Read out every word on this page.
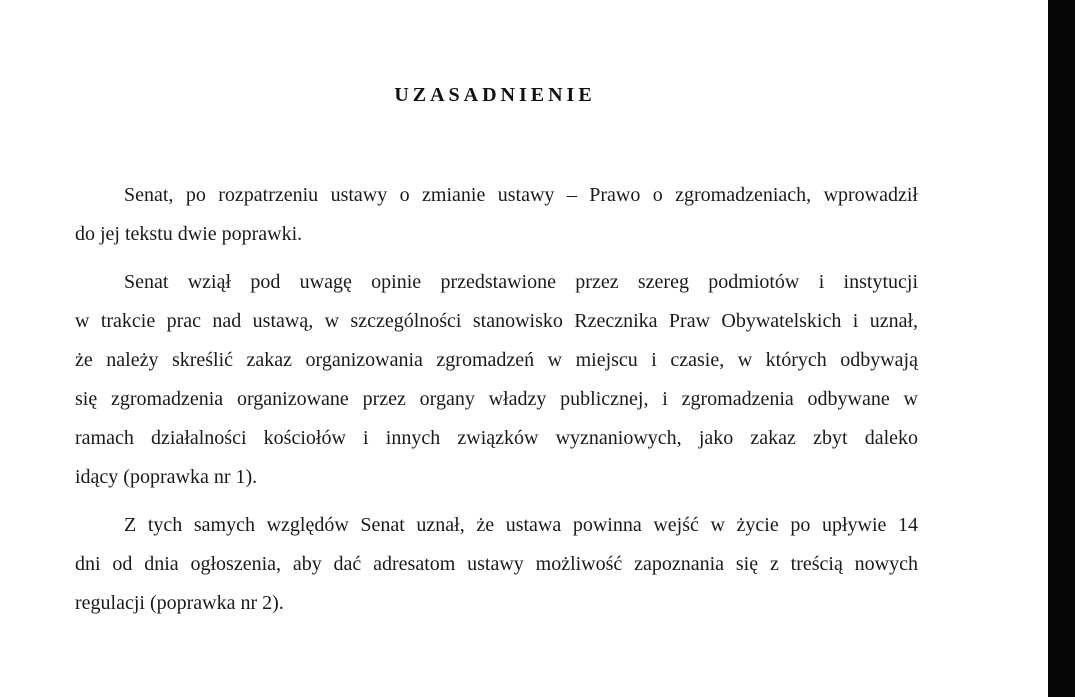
UZASADNIENIE
Senat, po rozpatrzeniu ustawy o zmianie ustawy – Prawo o zgromadzeniach, wprowadził
do jej tekstu dwie poprawki.
Senat wziął pod uwagę opinie przedstawione przez szereg podmiotów i instytucji
w trakcie prac nad ustawą, w szczególności stanowisko Rzecznika Praw Obywatelskich i uznał,
że należy skreślić zakaz organizowania zgromadzeń w miejscu i czasie, w których odbywają
się zgromadzenia organizowane przez organy władzy publicznej, i zgromadzenia odbywane w
ramach działalności kościołów i innych związków wyznaniowych, jako zakaz zbyt daleko
idący (poprawka nr 1).
Z tych samych względów Senat uznał, że ustawa powinna wejść w życie po upływie 14
dni od dnia ogłoszenia, aby dać adresatom ustawy możliwość zapoznania się z treścią nowych
regulacji (poprawka nr 2).
